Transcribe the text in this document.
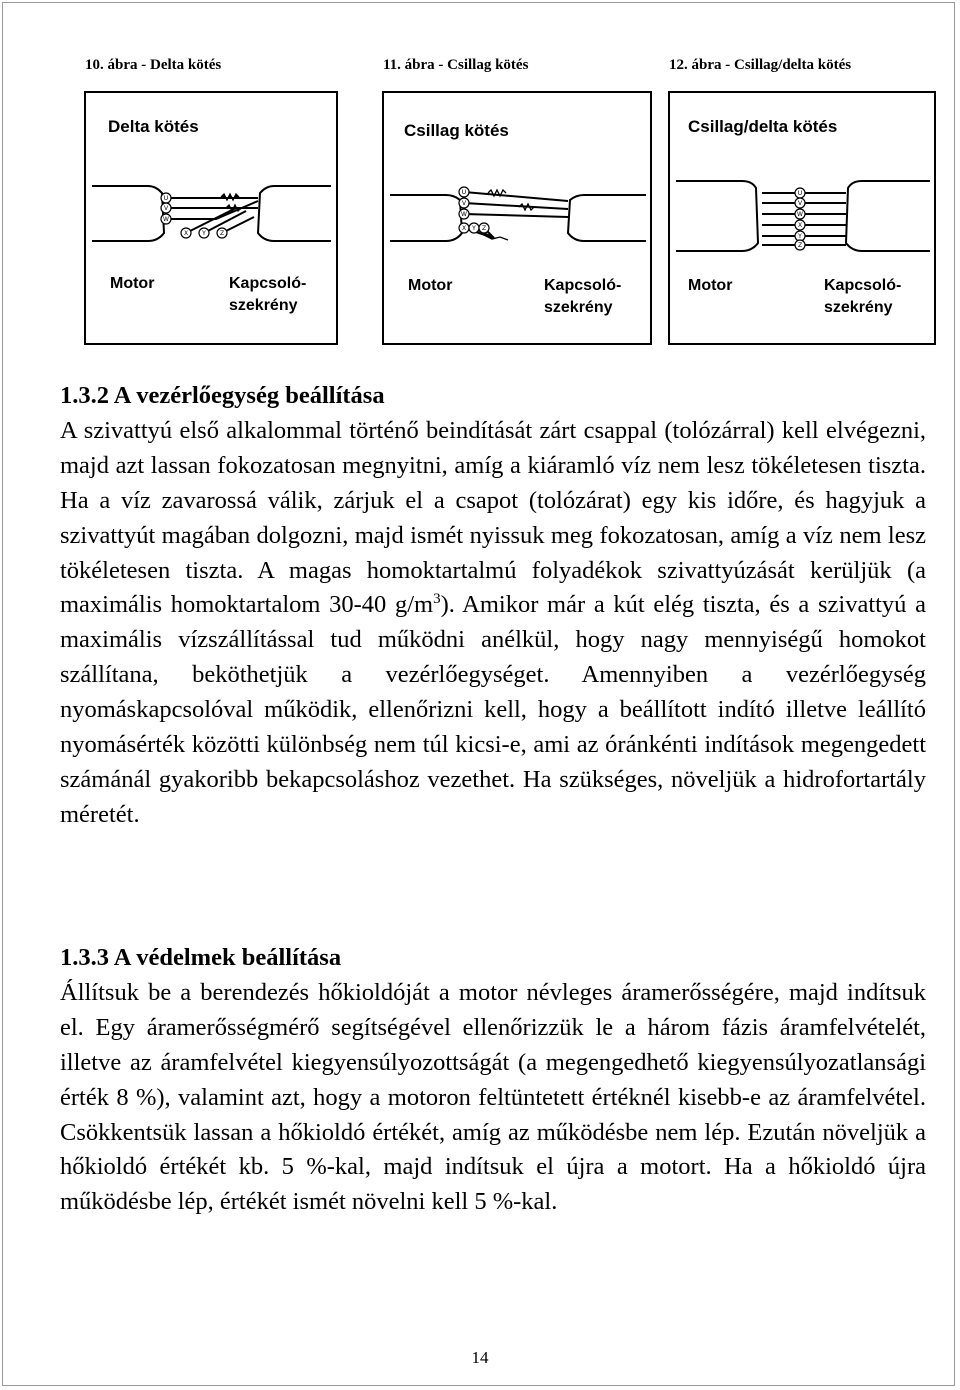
10. ábra - Delta kötés	11. ábra - Csillag kötés	12. ábra - Csillag/delta kötés
Delta kötés
U
V
W
X Y Z
Motor	Kapcsoló-
szekrény
Csillag kötés
U
V
W
X Y Z
Motor	Kapcsoló-
szekrény
Csillag/delta kötés
U
V
W
X
Y
Z
Motor	Kapcsoló-
szekrény

1.3.2 A vezérlőegység beállítása

A szivattyú első alkalommal történő beindítását zárt csappal (tolózárral) kell elvégezni, majd azt lassan fokozatosan megnyitni, amíg a kiáramló víz nem lesz tökéletesen tiszta. Ha a víz zavarossá válik, zárjuk el a csapot (tolózárat) egy kis időre, és hagyjuk a szivattyút magában dolgozni, majd ismét nyissuk meg fokozatosan, amíg a víz nem lesz tökéletesen tiszta. A magas homoktartalmú folyadékok szivattyúzását kerüljük (a maximális homoktartalom 30-40 $g/m^3$). Amikor már a kút elég tiszta, és a szivattyú a maximális vízszállítással tud működni anélkül, hogy nagy mennyiségű homokot szállítana, beköthetjük a vezérlőegységet. Amennyiben a vezérlőegység nyomáskapcsolóval működik, ellenőrizni kell, hogy a beállított indító illetve leállító nyomásérték közötti különbség nem túl kicsi-e, ami az óránkénti indítások megengedett számánál gyakoribb bekapcsoláshoz vezethet. Ha szükséges, növeljük a hidrofortartály méretét.

1.3.3 A védelmek beállítása

Állítsuk be a berendezés hőkioldóját a motor névleges áramerősségére, majd indítsuk el. Egy áramerősségmérő segítségével ellenőrizzük le a három fázis áramfelvételét, illetve az áramfelvétel kiegyensúlyozottságát (a megengedhető kiegyensúlyozatlansági érték 8 %), valamint azt, hogy a motoron feltüntetett értéknél kisebb-e az áramfelvétel. Csökkentsük lassan a hőkioldó értékét, amíg az működésbe nem lép. Ezután növeljük a hőkioldó értékét kb. 5 %-kal, majd indítsuk el újra a motort. Ha a hőkioldó újra működésbe lép, értékét ismét növelni kell 5 %-kal.

14
